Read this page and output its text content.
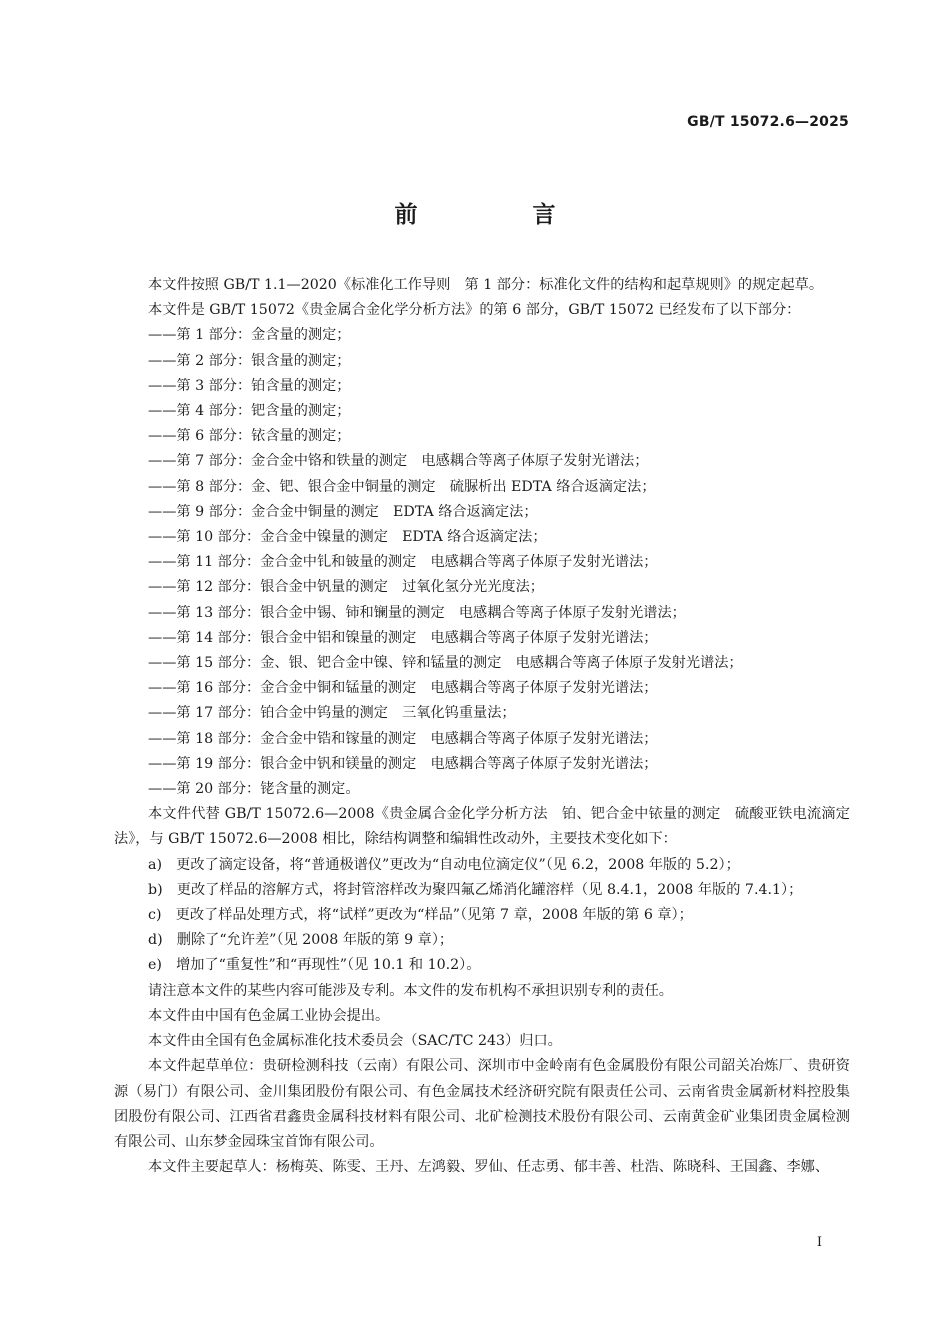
GB/T 15072.6—2025
前　言

本文件按照 GB/T 1.1—2020《标准化工作导则　第 1 部分：标准化文件的结构和起草规则》的规定起草。

本文件是 GB/T 15072《贵金属合金化学分析方法》的第 6 部分，GB/T 15072 已经发布了以下部分：

——第 1 部分：金含量的测定；

——第 2 部分：银含量的测定；

——第 3 部分：铂含量的测定；

——第 4 部分：钯含量的测定；

——第 6 部分：铱含量的测定；

——第 7 部分：金合金中铬和铁量的测定　电感耦合等离子体原子发射光谱法；

——第 8 部分：金、钯、银合金中铜量的测定　硫脲析出 EDTA 络合返滴定法；

——第 9 部分：金合金中铜量的测定　EDTA 络合返滴定法；

——第 10 部分：金合金中镍量的测定　EDTA 络合返滴定法；

——第 11 部分：金合金中钆和铍量的测定　电感耦合等离子体原子发射光谱法；

——第 12 部分：银合金中钒量的测定　过氧化氢分光光度法；

——第 13 部分：银合金中锡、铈和镧量的测定　电感耦合等离子体原子发射光谱法；

——第 14 部分：银合金中铝和镍量的测定　电感耦合等离子体原子发射光谱法；

——第 15 部分：金、银、钯合金中镍、锌和锰量的测定　电感耦合等离子体原子发射光谱法；

——第 16 部分：金合金中铜和锰量的测定　电感耦合等离子体原子发射光谱法；

——第 17 部分：铂合金中钨量的测定　三氧化钨重量法；

——第 18 部分：金合金中锆和镓量的测定　电感耦合等离子体原子发射光谱法；

——第 19 部分：银合金中钒和镁量的测定　电感耦合等离子体原子发射光谱法；

——第 20 部分：铑含量的测定。

本文件代替 GB/T 15072.6—2008《贵金属合金化学分析方法　铂、钯合金中铱量的测定　硫酸亚铁电流滴定法》，与 GB/T 15072.6—2008 相比，除结构调整和编辑性改动外，主要技术变化如下：

a)　更改了滴定设备，将“普通极谱仪”更改为“自动电位滴定仪”（见 6.2，2008 年版的 5.2）；

b)　更改了样品的溶解方式，将封管溶样改为聚四氟乙烯消化罐溶样（见 8.4.1，2008 年版的 7.4.1）；

c)　更改了样品处理方式，将“试样”更改为“样品”（见第 7 章，2008 年版的第 6 章）；

d)　删除了“允许差”（见 2008 年版的第 9 章）；

e)　增加了“重复性”和“再现性”（见 10.1 和 10.2）。

请注意本文件的某些内容可能涉及专利。本文件的发布机构不承担识别专利的责任。

本文件由中国有色金属工业协会提出。

本文件由全国有色金属标准化技术委员会（SAC/TC 243）归口。

本文件起草单位：贵研检测科技（云南）有限公司、深圳市中金岭南有色金属股份有限公司韶关冶炼厂、贵研资源（易门）有限公司、金川集团股份有限公司、有色金属技术经济研究院有限责任公司、云南省贵金属新材料控股集团股份有限公司、江西省君鑫贵金属科技材料有限公司、北矿检测技术股份有限公司、云南黄金矿业集团贵金属检测有限公司、山东梦金园珠宝首饰有限公司。

本文件主要起草人：杨梅英、陈雯、王丹、左鸿毅、罗仙、任志勇、郁丰善、杜浩、陈晓科、王国鑫、李娜、

Ⅰ
